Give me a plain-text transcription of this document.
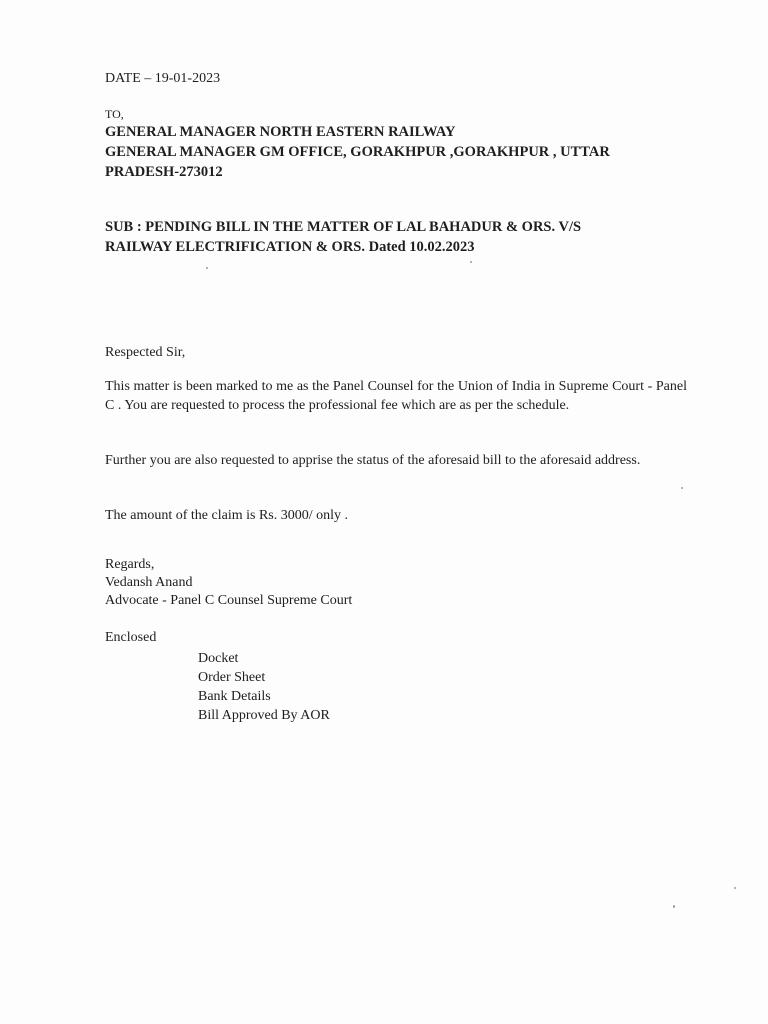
DATE – 19-01-2023

TO,

GENERAL MANAGER NORTH EASTERN RAILWAY

GENERAL MANAGER GM OFFICE, GORAKHPUR ,GORAKHPUR , UTTAR

PRADESH-273012

SUB : PENDING BILL IN THE MATTER OF LAL BAHADUR & ORS. V/S

RAILWAY ELECTRIFICATION & ORS. Dated 10.02.2023

Respected Sir,

This matter is been marked to me as the Panel Counsel for the Union of India in Supreme Court - Panel C . You are requested to process the professional fee which are as per the schedule.

Further you are also requested to apprise the status of the aforesaid bill to the aforesaid address.

The amount of the claim is Rs. 3000/ only .

Regards,
Vedansh Anand
Advocate - Panel C Counsel Supreme Court

Enclosed

Docket
Order Sheet
Bank Details
Bill Approved By AOR
